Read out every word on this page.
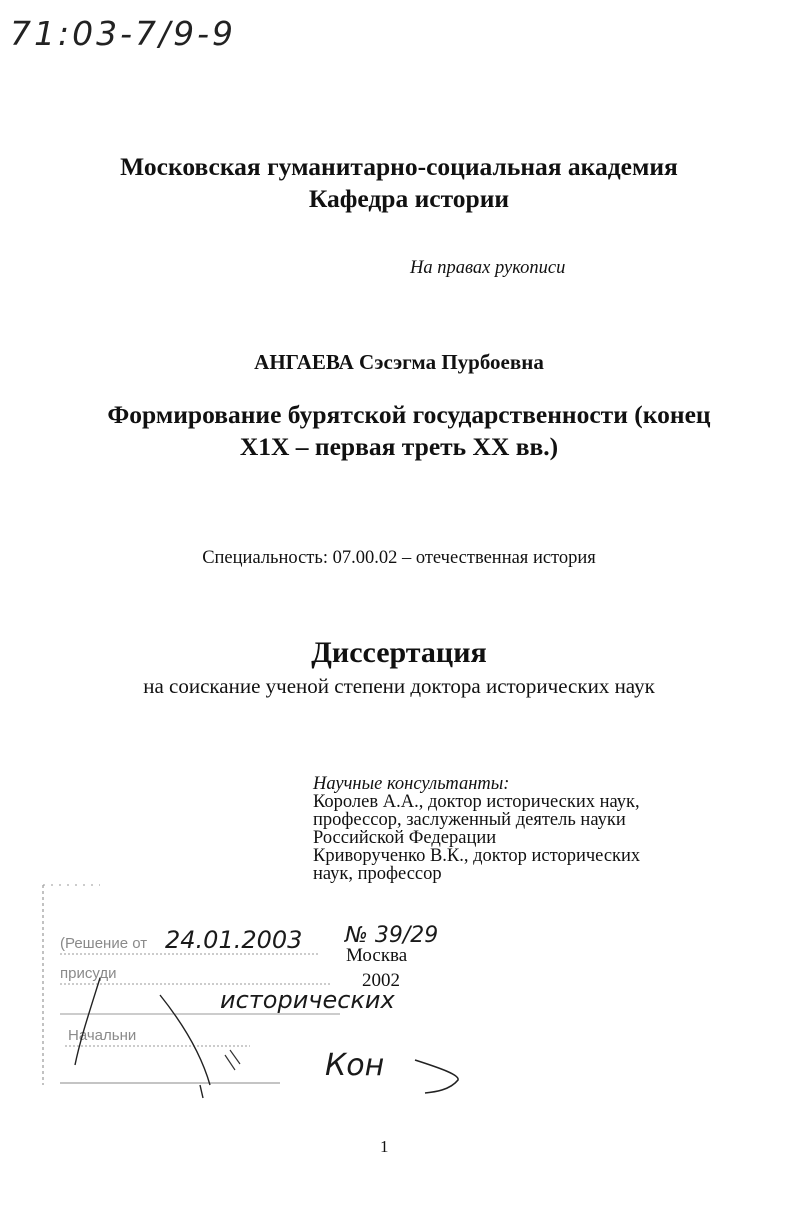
71:03-7/9-9
Московская гуманитарно-социальная академия
Кафедра истории
На правах рукописи
АНГАЕВА Сэсэгма Пурбоевна
Формирование бурятской государственности (конец
Х1Х – первая треть ХХ вв.)
Специальность: 07.00.02 – отечественная история
Диссертация
на соискание ученой степени доктора исторических наук
Научные консультанты:
Королев А.А., доктор исторических наук,
профессор, заслуженный деятель науки
Российской Федерации
Криворученко В.К., доктор исторических
наук, профессор
(Решение от
присуди
Начальни
24.01.2003 № 39/29
исторических
Кон
Москва
2002
1
